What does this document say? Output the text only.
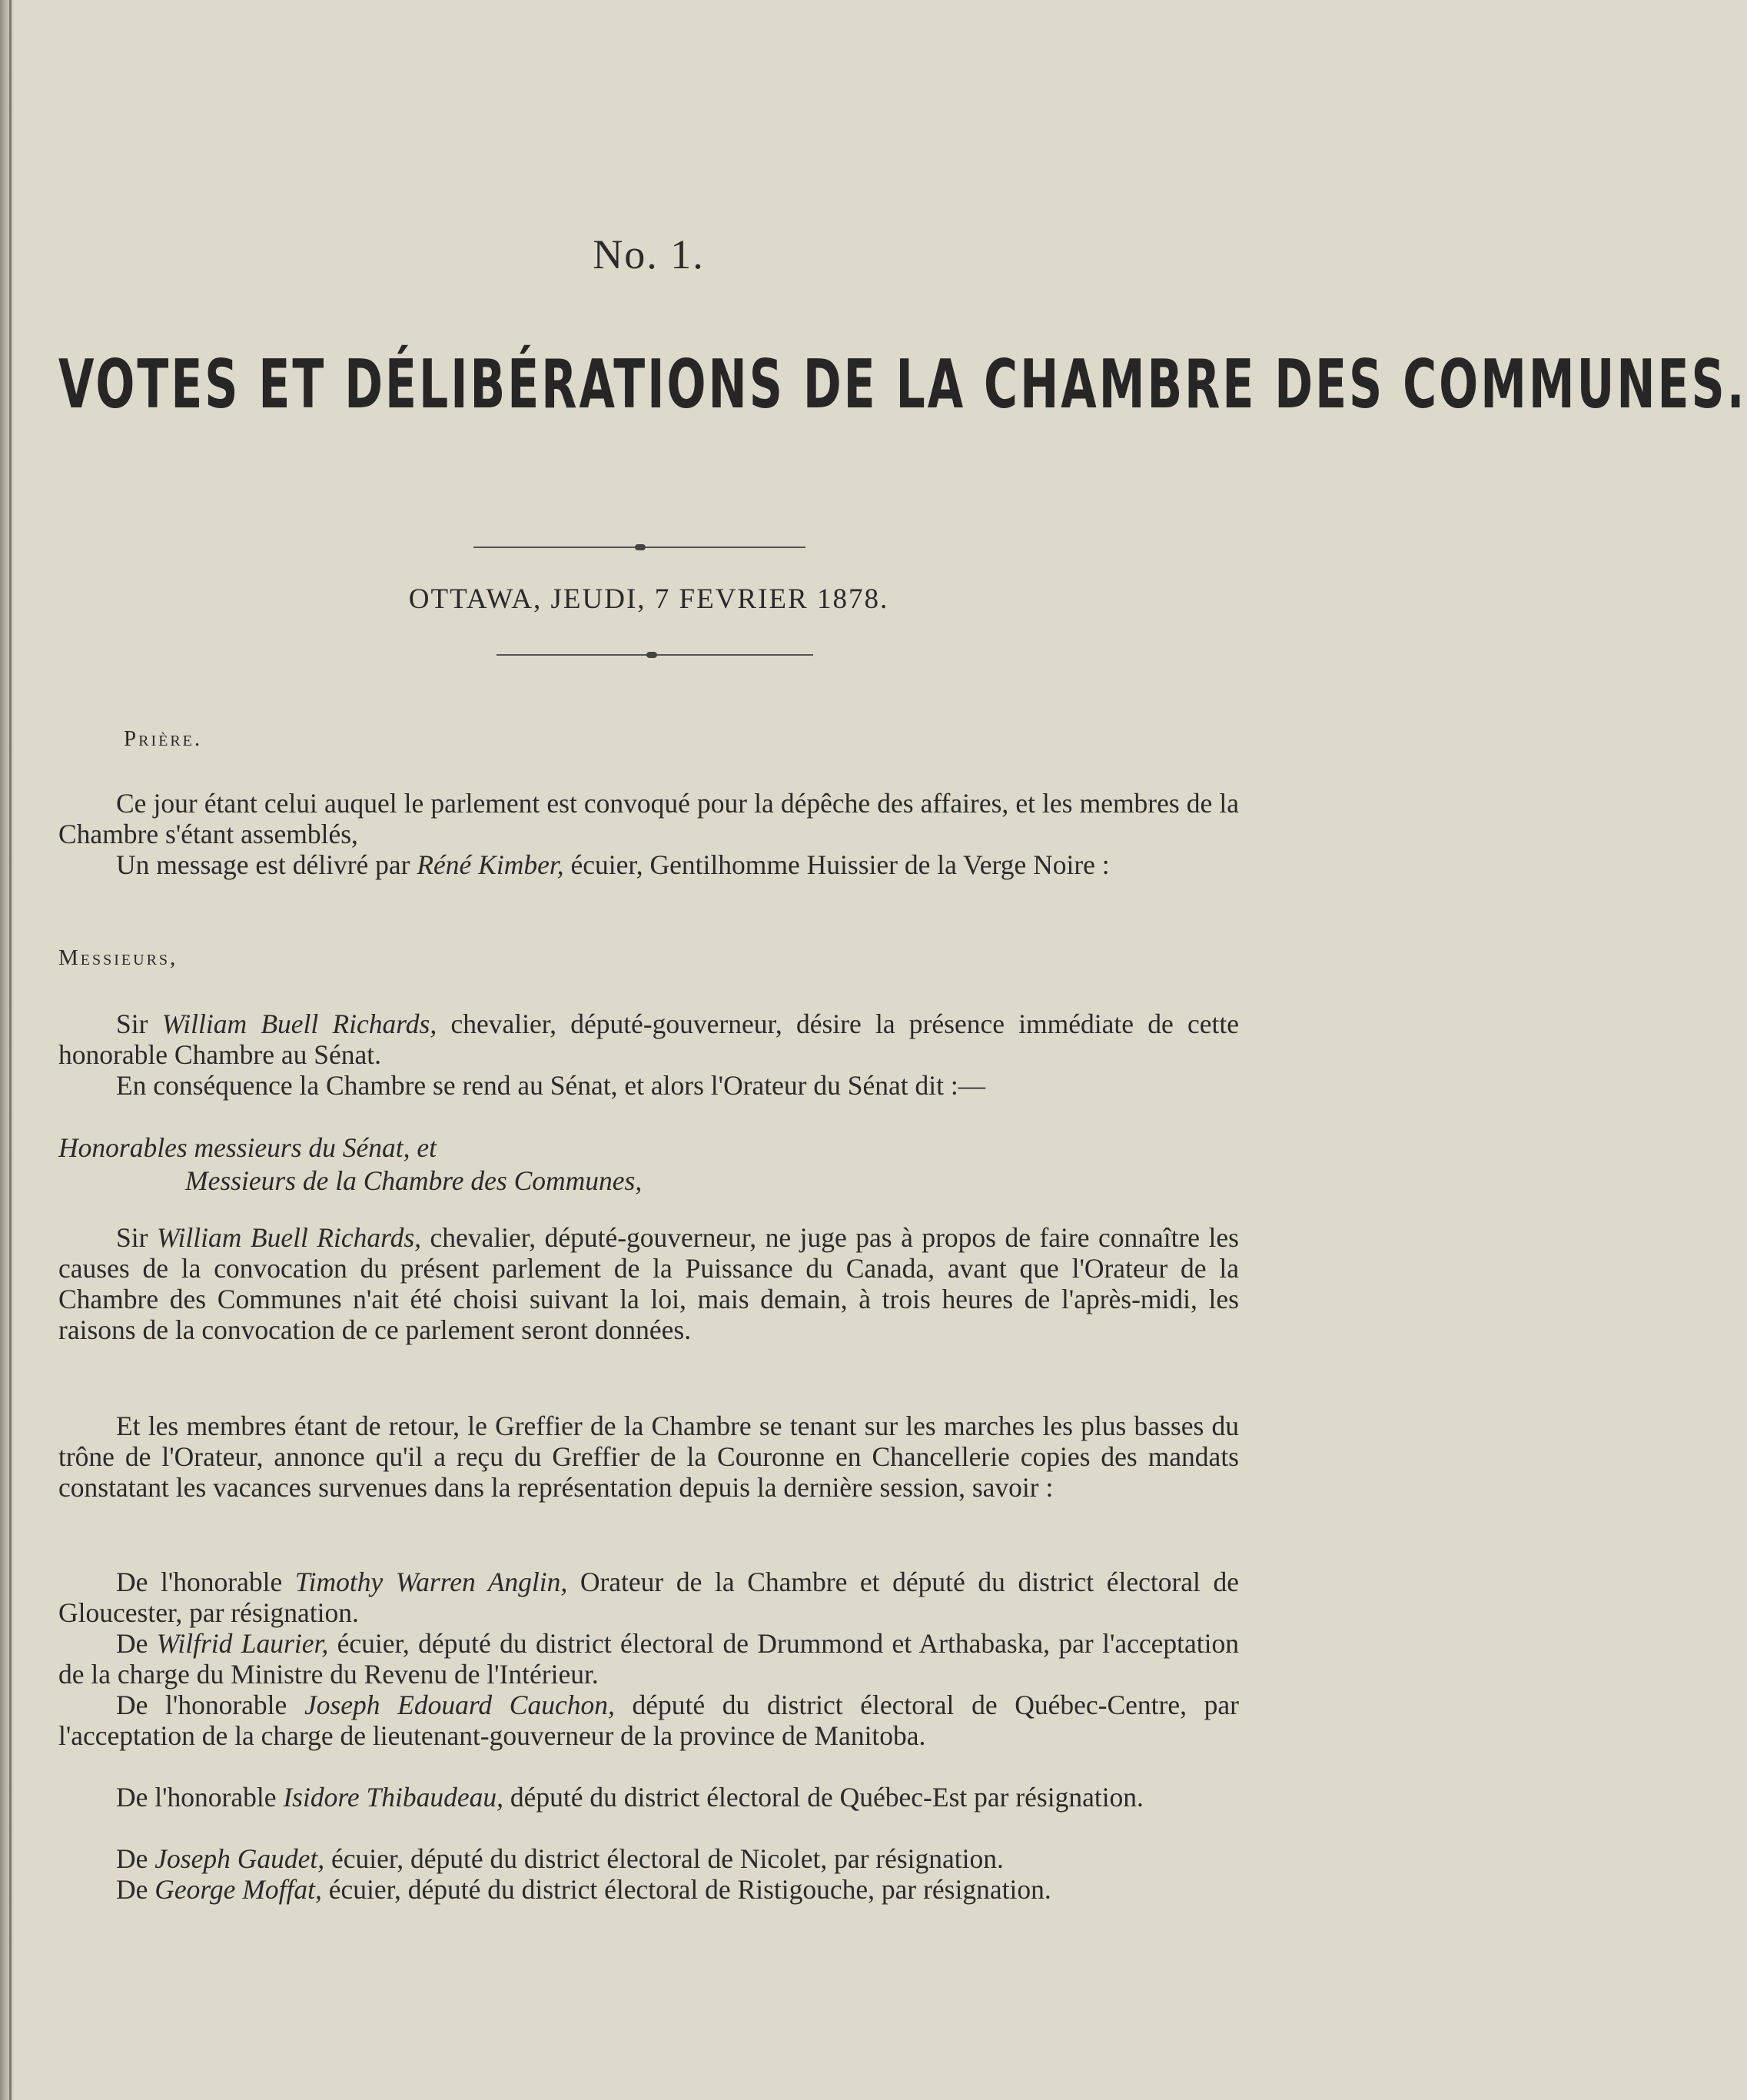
No. 1.
VOTES ET DÉLIBÉRATIONS DE LA CHAMBRE DES COMMUNES.
OTTAWA, JEUDI, 7 FEVRIER 1878.
Prière.

Ce jour étant celui auquel le parlement est convoqué pour la dépêche des affaires, et les membres de la Chambre s'étant assemblés,

Un message est délivré par Réné Kimber, écuier, Gentilhomme Huissier de la Verge Noire :

Messieurs,

Sir William Buell Richards, chevalier, député-gouverneur, désire la présence immédiate de cette honorable Chambre au Sénat.

En conséquence la Chambre se rend au Sénat, et alors l'Orateur du Sénat dit :—

Honorables messieurs du Sénat, et
Messieurs de la Chambre des Communes,

Sir William Buell Richards, chevalier, député-gouverneur, ne juge pas à propos de faire connaître les causes de la convocation du présent parlement de la Puissance du Canada, avant que l'Orateur de la Chambre des Communes n'ait été choisi suivant la loi, mais demain, à trois heures de l'après-midi, les raisons de la convocation de ce parlement seront données.

Et les membres étant de retour, le Greffier de la Chambre se tenant sur les marches les plus basses du trône de l'Orateur, annonce qu'il a reçu du Greffier de la Couronne en Chancellerie copies des mandats constatant les vacances survenues dans la représentation depuis la dernière session, savoir :

De l'honorable Timothy Warren Anglin, Orateur de la Chambre et député du district électoral de Gloucester, par résignation.

De Wilfrid Laurier, écuier, député du district électoral de Drummond et Arthabaska, par l'acceptation de la charge du Ministre du Revenu de l'Intérieur.

De l'honorable Joseph Edouard Cauchon, député du district électoral de Québec-Centre, par l'acceptation de la charge de lieutenant-gouverneur de la province de Manitoba.

De l'honorable Isidore Thibaudeau, député du district électoral de Québec-Est par résignation.

De Joseph Gaudet, écuier, député du district électoral de Nicolet, par résignation.

De George Moffat, écuier, député du district électoral de Ristigouche, par résignation.
